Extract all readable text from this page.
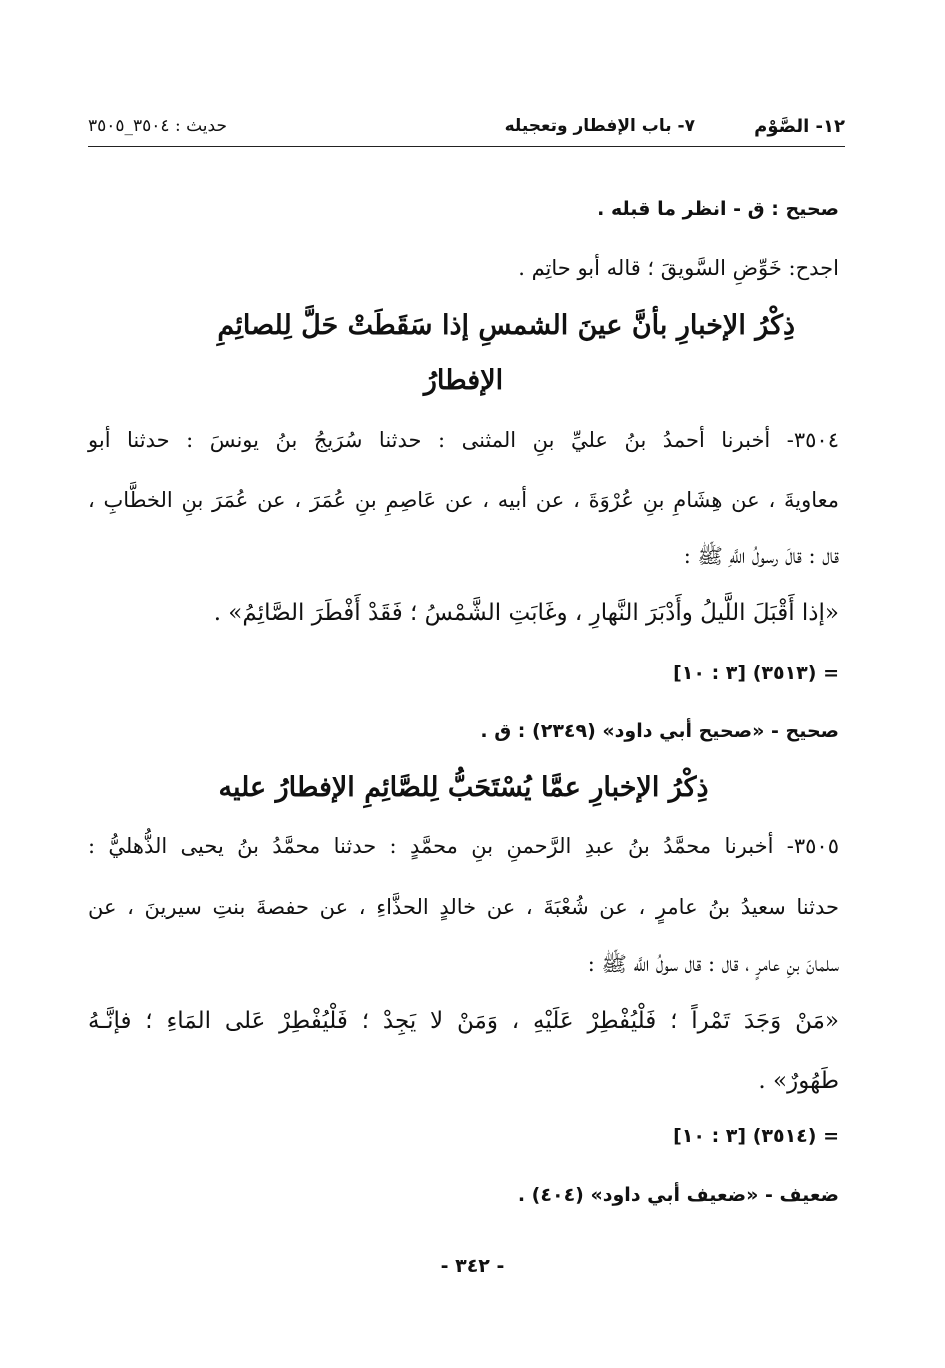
١٢- الصَّوْم
٧- باب الإفطار وتعجيله
حديث : ٣٥٠٤_٣٥٠٥
صحيح : ق - انظر ما قبله .
اجدح: خَوِّضِ السَّويقَ ؛ قاله أبو حاتِم .
ذِكْرُ الإخبارِ بأنَّ عينَ الشمسِ إذا سَقَطَتْ حَلَّ لِلصائِمِ
الإفطارُ
٣٥٠٤- أخبرنا أحمدُ بنُ عليِّ بنِ المثنى : حدثنا سُرَيجُ بنُ يونسَ : حدثنا أبو
معاويةَ ، عن هِشَامِ بنِ عُرْوَةَ ، عن أبيه ، عن عَاصِمِ بنِ عُمَرَ ، عن عُمَرَ بنِ الخطَّابِ ،
قال : قالَ رسولُ اللَّهِ ﷺ :
«إذا أَقْبَلَ اللَّيلُ وأَدْبَرَ النَّهارِ ، وغَابَتِ الشَّمْسُ ؛ فَقَدْ أَفْطَرَ الصَّائِمُ» .
= (٣٥١٣) [٣ : ١٠]
صحيح - «صحيح أبي داود» (٢٣٤٩) : ق .
ذِكْرُ الإخبارِ عمَّا يُسْتَحَبُّ لِلصَّائِمِ الإفطارُ عليه
٣٥٠٥- أخبرنا محمَّدُ بنُ عبدِ الرَّحمنِ بنِ محمَّدٍ : حدثنا محمَّدُ بنُ يحيى الذُّهليُّ :
حدثنا سعيدُ بنُ عامرٍ ، عن شُعْبَةَ ، عن خالدٍ الحذَّاءِ ، عن حفصةَ بنتِ سيرينَ ، عن
سلمانَ بنِ عامرٍ ، قال : قال سولُ اللَّه ﷺ :
«مَنْ وَجَدَ تَمْراً ؛ فَلْيُفْطِرْ عَلَيْهِ ، وَمَنْ لا يَجِدْ ؛ فَلْيُفْطِرْ عَلى المَاءِ ؛ فإنَّـهُ
طَهُورٌ» .
= (٣٥١٤) [٣ : ١٠]
ضعيف - «ضعيف أبي داود» (٤٠٤) .
- ٣٤٢ -
